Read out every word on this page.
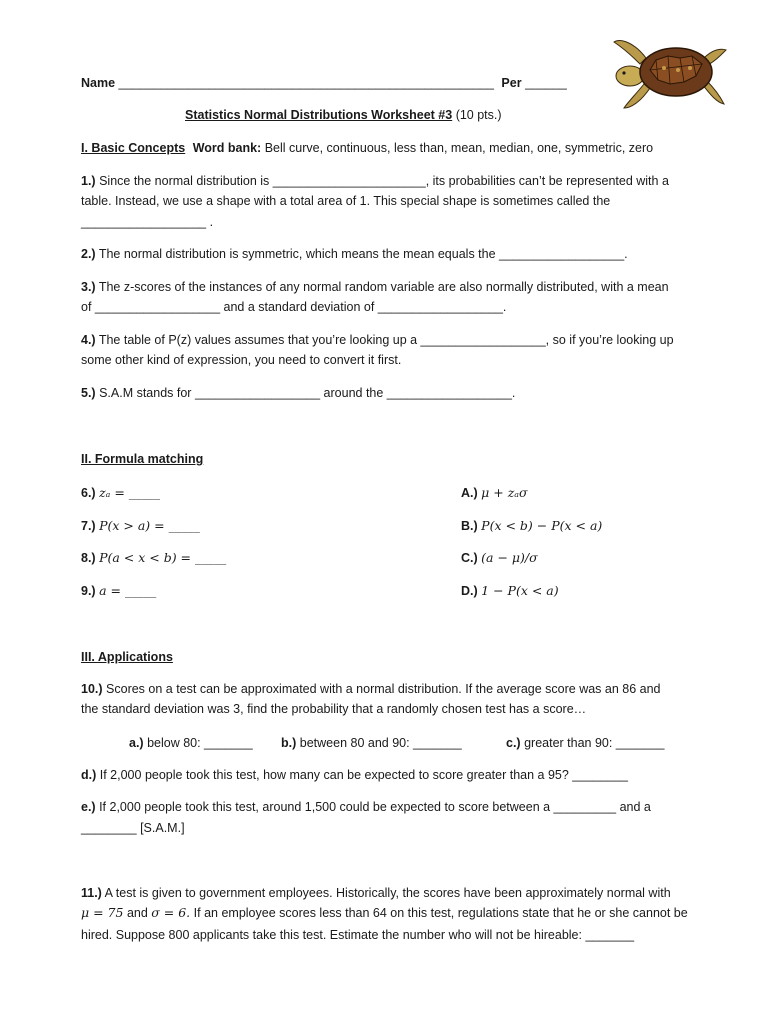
Name ______________________________________________________ Per ______
Statistics Normal Distributions Worksheet #3 (10 pts.)
I. Basic Concepts Word bank: Bell curve, continuous, less than, mean, median, one, symmetric, zero
1.) Since the normal distribution is ______________________, its probabilities can’t be represented with a
table. Instead, we use a shape with a total area of 1. This special shape is sometimes called the
__________________ .
2.) The normal distribution is symmetric, which means the mean equals the __________________.
3.) The z-scores of the instances of any normal random variable are also normally distributed, with a mean
of __________________ and a standard deviation of __________________.
4.) The table of P(z) values assumes that you’re looking up a __________________, so if you’re looking up
some other kind of expression, you need to convert it first.
5.) S.A.M stands for __________________ around the __________________.
II. Formula matching
6.) zₐ = _____
7.) P(x > a) = _____
8.) P(a < x < b) = _____
9.) a = _____
A.) μ + zₐσ
B.) P(x < b) − P(x < a)
C.) (a − μ)/σ
D.) 1 − P(x < a)
III. Applications
10.) Scores on a test can be approximated with a normal distribution. If the average score was an 86 and
the standard deviation was 3, find the probability that a randomly chosen test has a score…
a.) below 80: _______ b.) between 80 and 90: _______	c.) greater than 90: _______
d.) If 2,000 people took this test, how many can be expected to score greater than a 95? ________
e.) If 2,000 people took this test, around 1,500 could be expected to score between a _________ and a
________ [S.A.M.]
11.) A test is given to government employees. Historically, the scores have been approximately normal with
μ = 75 and σ = 6. If an employee scores less than 64 on this test, regulations state that he or she cannot be
hired. Suppose 800 applicants take this test. Estimate the number who will not be hireable: _______
